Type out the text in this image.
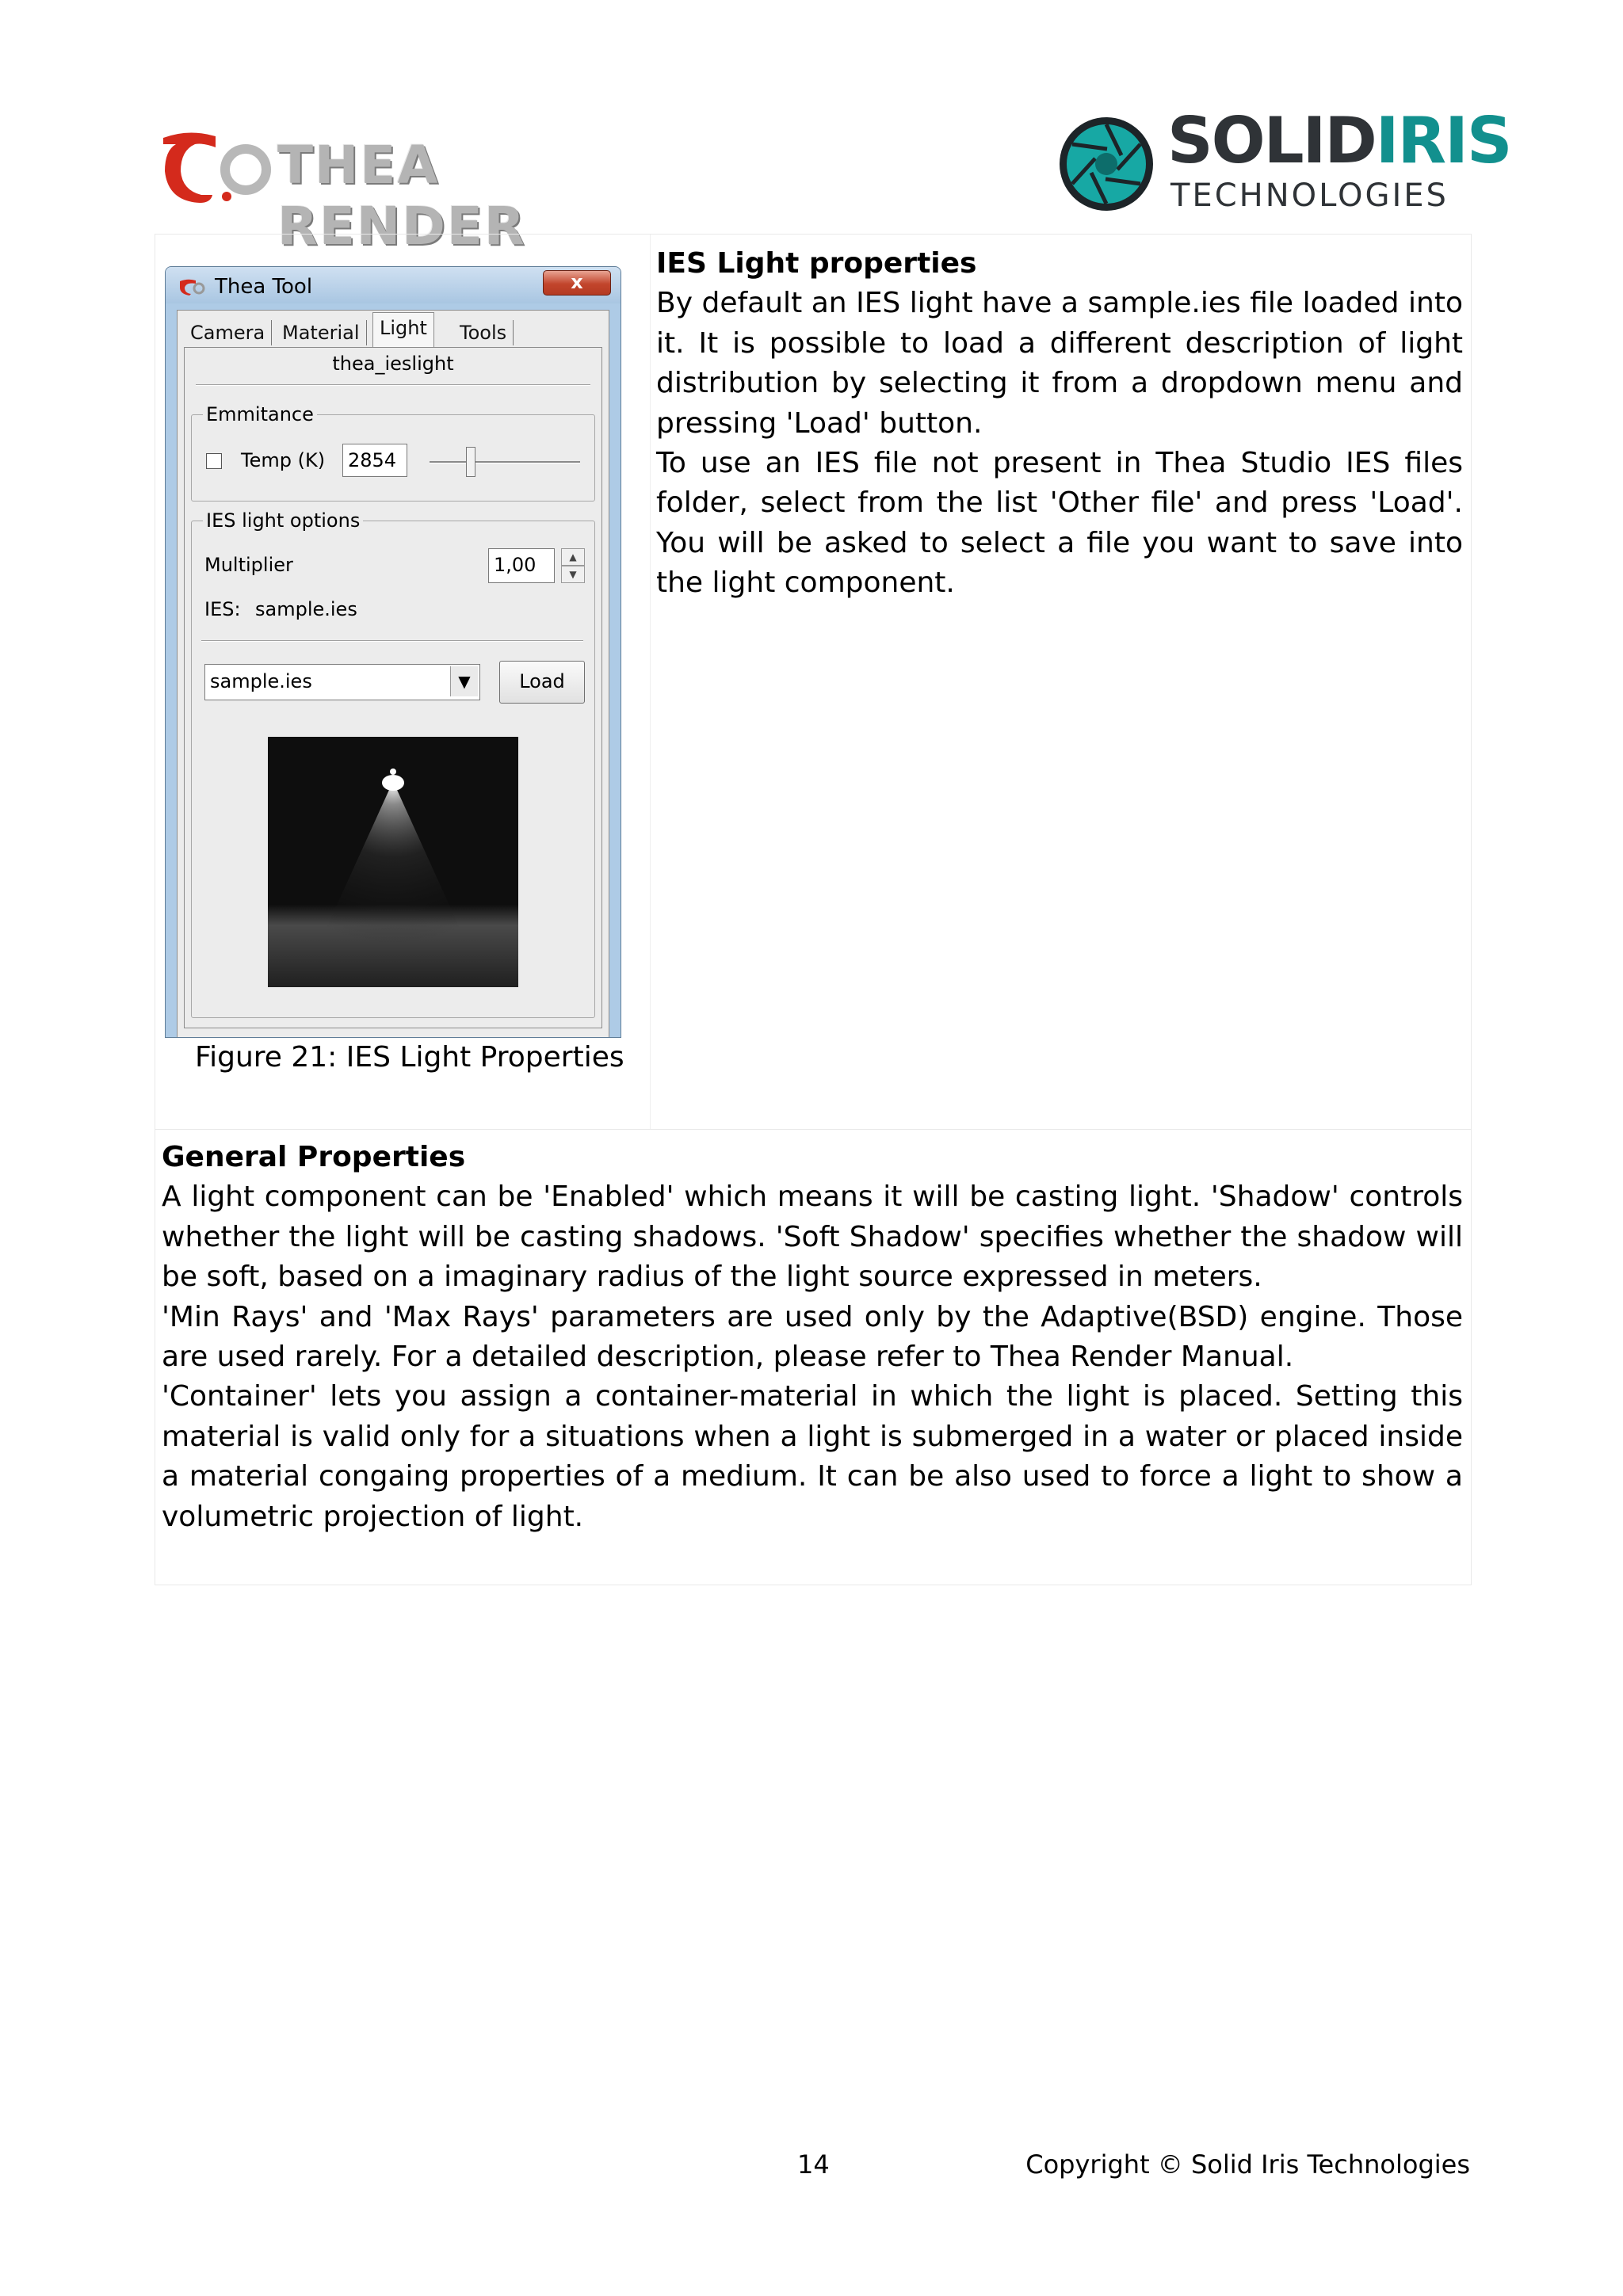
THEA RENDER
SOLIDIRIS
TECHNOLOGIES
Thea Tool	x
Camera Material	Light	Tools
thea_ieslight
Emmitance
Temp (K) 2854
IES light options
Multiplier	1,00	▲
▼
IES: sample.ies
sample.ies	▼	Load
Figure 21: IES Light Properties

IES Light properties

By default an IES light have a sample.ies file loaded into it. It is possible to load a different description of light distribution by selecting it from a dropdown menu and pressing 'Load' button.

To use an IES file not present in Thea Studio IES files folder, select from the list 'Other file' and press 'Load'. You will be asked to select a file you want to save into the light component.

General Properties

A light component can be 'Enabled' which means it will be casting light. 'Shadow' controls whether the light will be casting shadows. 'Soft Shadow' specifies whether the shadow will be soft, based on a imaginary radius of the light source expressed in meters.

'Min Rays' and 'Max Rays' parameters are used only by the Adaptive(BSD) engine. Those are used rarely. For a detailed description, please refer to Thea Render Manual.

'Container' lets you assign a container-material in which the light is placed. Setting this material is valid only for a situations when a light is submerged in a water or placed inside a material congaing properties of a medium. It can be also used to force a light to show a volumetric projection of light.

14	Copyright © Solid Iris Technologies
